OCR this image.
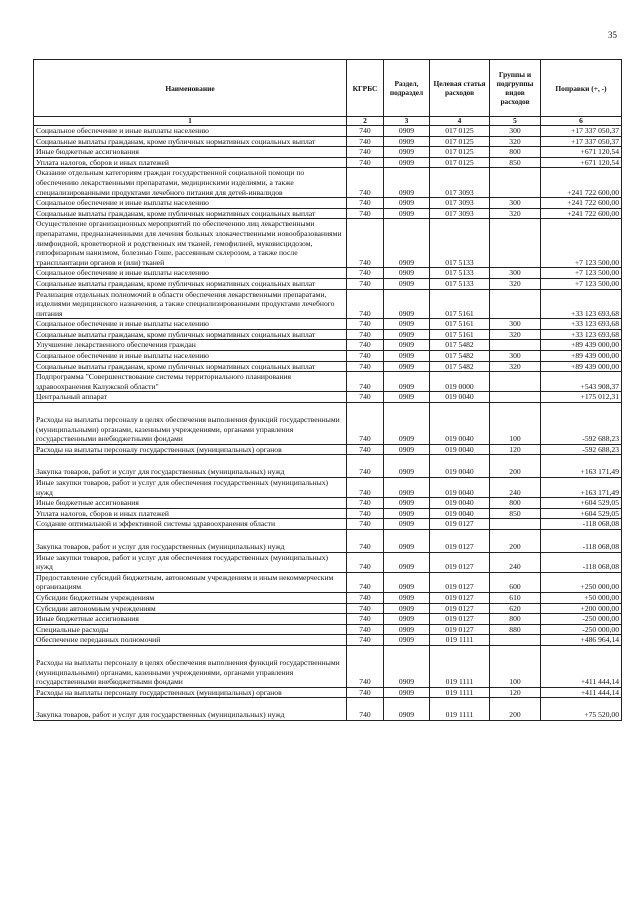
35
Наименование	КГРБС	Раздел, подраздел	Целевая статья расходов	Группы и подгруппы видов расходов	Поправки (+, -)
1	2	3	4	5	6
Социальное обеспечение и иные выплаты населению	740	0909	017 0125	300	+17 337 050,37
Социальные выплаты гражданам, кроме публичных нормативных социальных выплат	740	0909	017 0125	320	+17 337 050,37
Иные бюджетные ассигнования	740	0909	017 0125	800	+671 120,54
Уплата налогов, сборов и иных платежей	740	0909	017 0125	850	+671 120,54
Оказание отдельным категориям граждан государственной социальной помощи по обеспечению лекарственными препаратами, медицинскими изделиями, а также специализированными продуктами лечебного питания для детей-инвалидов	740	0909	017 3093		+241 722 600,00
Социальное обеспечение и иные выплаты населению	740	0909	017 3093	300	+241 722 600,00
Социальные выплаты гражданам, кроме публичных нормативных социальных выплат	740	0909	017 3093	320	+241 722 600,00
Осуществление организационных мероприятий по обеспечению лиц лекарственными препаратами, предназначенными для лечения больных злокачественными новообразованиями лимфоидной, кроветворной и родственных им тканей, гемофилией, муковисцидозом, гипофизарным нанизмом, болезнью Гоше, рассеянным склерозом, а также после трансплантации органов и (или) тканей	740	0909	017 5133		+7 123 500,00
Социальное обеспечение и иные выплаты населению	740	0909	017 5133	300	+7 123 500,00
Социальные выплаты гражданам, кроме публичных нормативных социальных выплат	740	0909	017 5133	320	+7 123 500,00
Реализация отдельных полномочий в области обеспечения лекарственными препаратами, изделиями медицинского назначения, а также специализированными продуктами лечебного питания	740	0909	017 5161		+33 123 693,68
Социальное обеспечение и иные выплаты населению	740	0909	017 5161	300	+33 123 693,68
Социальные выплаты гражданам, кроме публичных нормативных социальных выплат	740	0909	017 5161	320	+33 123 693,68
Улучшение лекарственного обеспечения граждан	740	0909	017 5482		+89 439 000,00
Социальное обеспечение и иные выплаты населению	740	0909	017 5482	300	+89 439 000,00
Социальные выплаты гражданам, кроме публичных нормативных социальных выплат	740	0909	017 5482	320	+89 439 000,00
Подпрограмма "Совершенствование системы территориального планирования здравоохранения Калужской области"	740	0909	019 0000		+543 908,37
Центральный аппарат	740	0909	019 0040		+175 012,31
Расходы на выплаты персоналу в целях обеспечения выполнения функций государственными (муниципальными) органами, казенными учреждениями, органами управления государственными внебюджетными фондами	740	0909	019 0040	100	-592 688,23
Расходы на выплаты персоналу государственных (муниципальных) органов	740	0909	019 0040	120	-592 688,23
Закупка товаров, работ и услуг для государственных (муниципальных) нужд	740	0909	019 0040	200	+163 171,49
Иные закупки товаров, работ и услуг для обеспечения государственных (муниципальных) нужд	740	0909	019 0040	240	+163 171,49
Иные бюджетные ассигнования	740	0909	019 0040	800	+604 529,05
Уплата налогов, сборов и иных платежей	740	0909	019 0040	850	+604 529,05
Создание оптимальной и эффективной системы здравоохранения области	740	0909	019 0127		-118 068,08
Закупка товаров, работ и услуг для государственных (муниципальных) нужд	740	0909	019 0127	200	-118 068,08
Иные закупки товаров, работ и услуг для обеспечения государственных (муниципальных) нужд	740	0909	019 0127	240	-118 068,08
Предоставление субсидий бюджетным, автономным учреждениям и иным некоммерческим организациям	740	0909	019 0127	600	+250 000,00
Субсидии бюджетным учреждениям	740	0909	019 0127	610	+50 000,00
Субсидии автономным учреждениям	740	0909	019 0127	620	+200 000,00
Иные бюджетные ассигнования	740	0909	019 0127	800	-250 000,00
Специальные расходы	740	0909	019 0127	880	-250 000,00
Обеспечение переданных полномочий	740	0909	019 1111		+486 964,14
Расходы на выплаты персоналу в целях обеспечения выполнения функций государственными (муниципальными) органами, казенными учреждениями, органами управления государственными внебюджетными фондами	740	0909	019 1111	100	+411 444,14
Расходы на выплаты персоналу государственных (муниципальных) органов	740	0909	019 1111	120	+411 444,14
Закупка товаров, работ и услуг для государственных (муниципальных) нужд	740	0909	019 1111	200	+75 520,00
